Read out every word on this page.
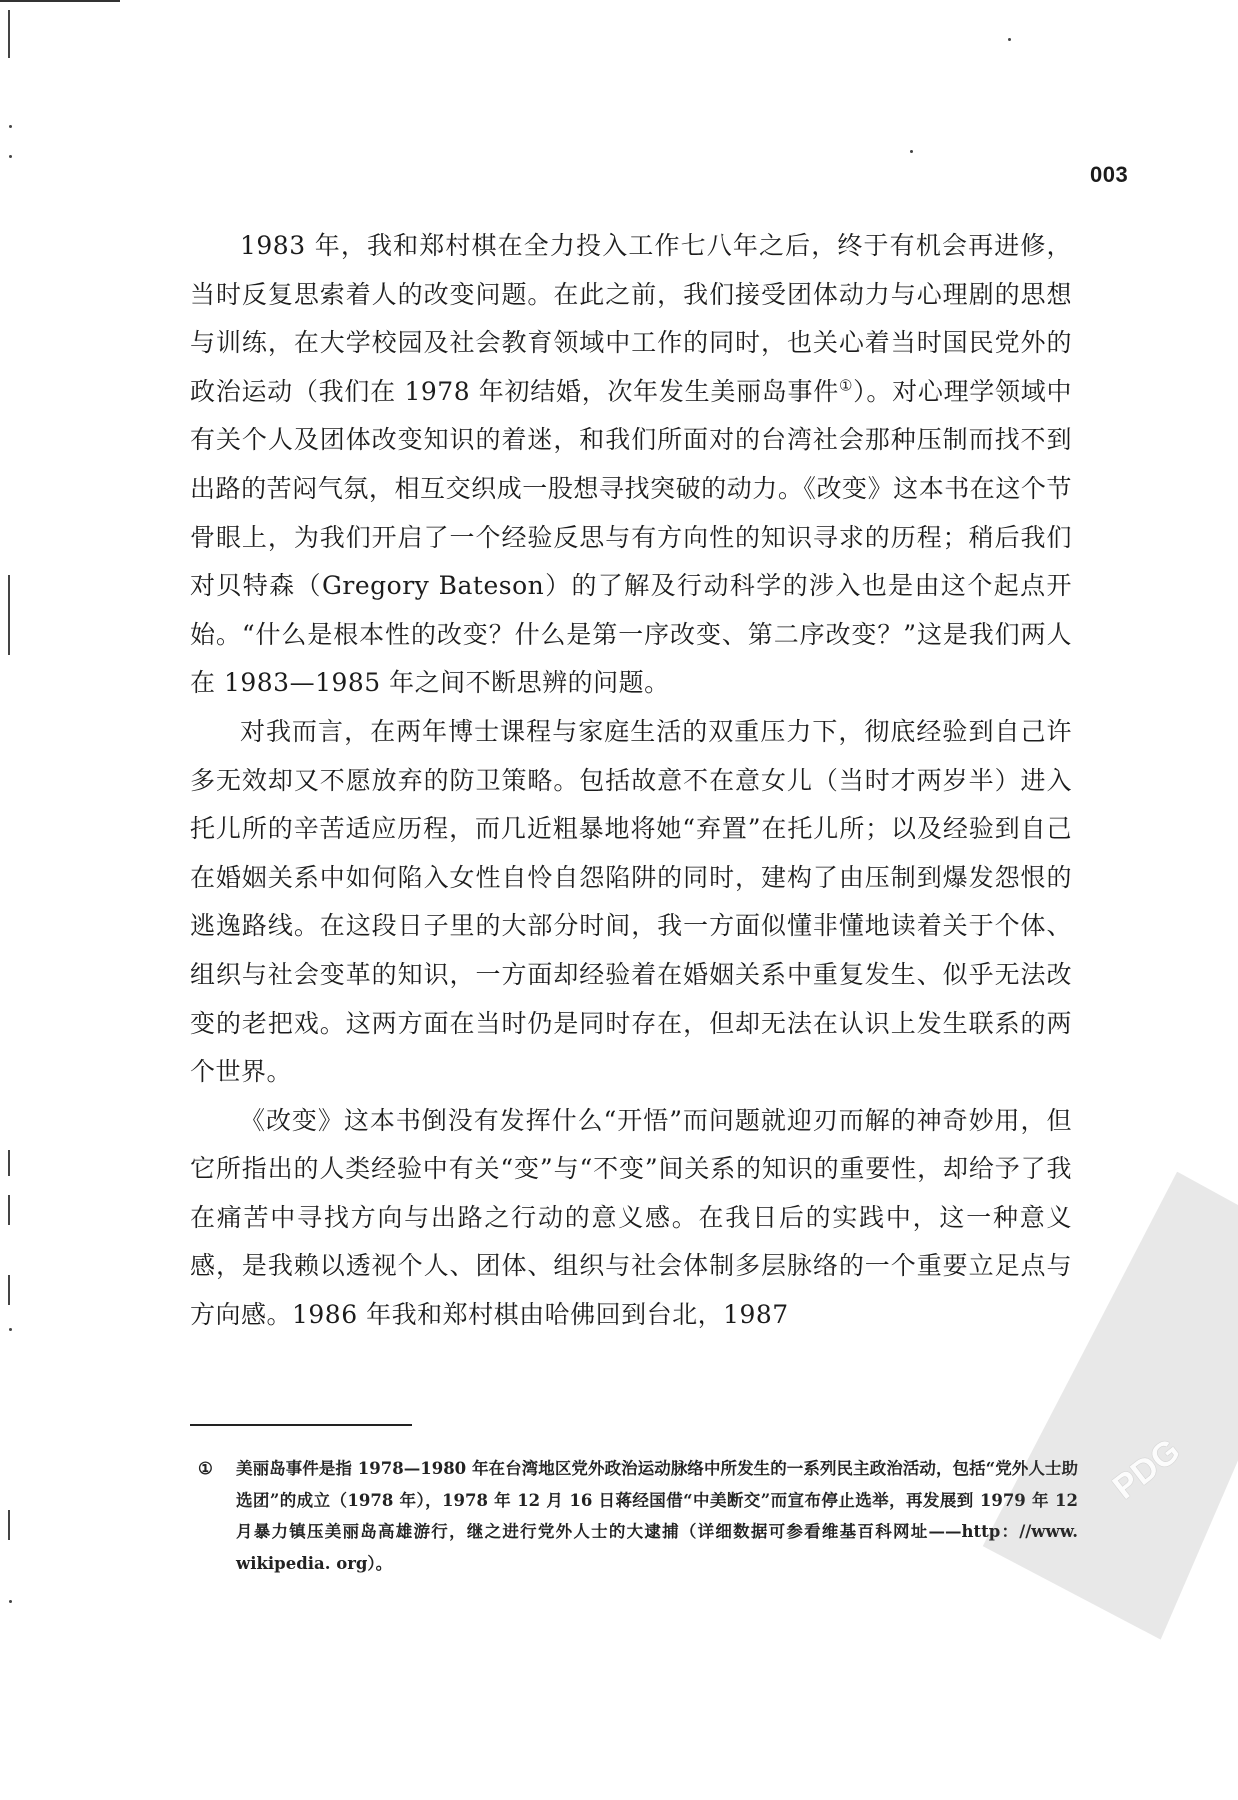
003

1983 年，我和郑村棋在全力投入工作七八年之后，终于有机会再进修，当时反复思索着人的改变问题。在此之前，我们接受团体动力与心理剧的思想与训练，在大学校园及社会教育领域中工作的同时，也关心着当时国民党外的政治运动（我们在 1978 年初结婚，次年发生美丽岛事件①）。对心理学领域中有关个人及团体改变知识的着迷，和我们所面对的台湾社会那种压制而找不到出路的苦闷气氛，相互交织成一股想寻找突破的动力。《改变》这本书在这个节骨眼上，为我们开启了一个经验反思与有方向性的知识寻求的历程；稍后我们对贝特森（Gregory Bateson）的了解及行动科学的涉入也是由这个起点开始。“什么是根本性的改变？什么是第一序改变、第二序改变？”这是我们两人在 1983—1985 年之间不断思辨的问题。

对我而言，在两年博士课程与家庭生活的双重压力下，彻底经验到自己许多无效却又不愿放弃的防卫策略。包括故意不在意女儿（当时才两岁半）进入托儿所的辛苦适应历程，而几近粗暴地将她“弃置”在托儿所；以及经验到自己在婚姻关系中如何陷入女性自怜自怨陷阱的同时，建构了由压制到爆发怨恨的逃逸路线。在这段日子里的大部分时间，我一方面似懂非懂地读着关于个体、组织与社会变革的知识，一方面却经验着在婚姻关系中重复发生、似乎无法改变的老把戏。这两方面在当时仍是同时存在，但却无法在认识上发生联系的两个世界。

《改变》这本书倒没有发挥什么“开悟”而问题就迎刃而解的神奇妙用，但它所指出的人类经验中有关“变”与“不变”间关系的知识的重要性，却给予了我在痛苦中寻找方向与出路之行动的意义感。在我日后的实践中，这一种意义感，是我赖以透视个人、团体、组织与社会体制多层脉络的一个重要立足点与方向感。1986 年我和郑村棋由哈佛回到台北，1987

①	美丽岛事件是指 1978—1980 年在台湾地区党外政治运动脉络中所发生的一系列民主政治活动，包括“党外人士助选团”的成立（1978 年），1978 年 12 月 16 日蒋经国借“中美断交”而宣布停止选举，再发展到 1979 年 12 月暴力镇压美丽岛高雄游行，继之进行党外人士的大逮捕（详细数据可参看维基百科网址——http：//www. wikipedia. org）。
PDG
